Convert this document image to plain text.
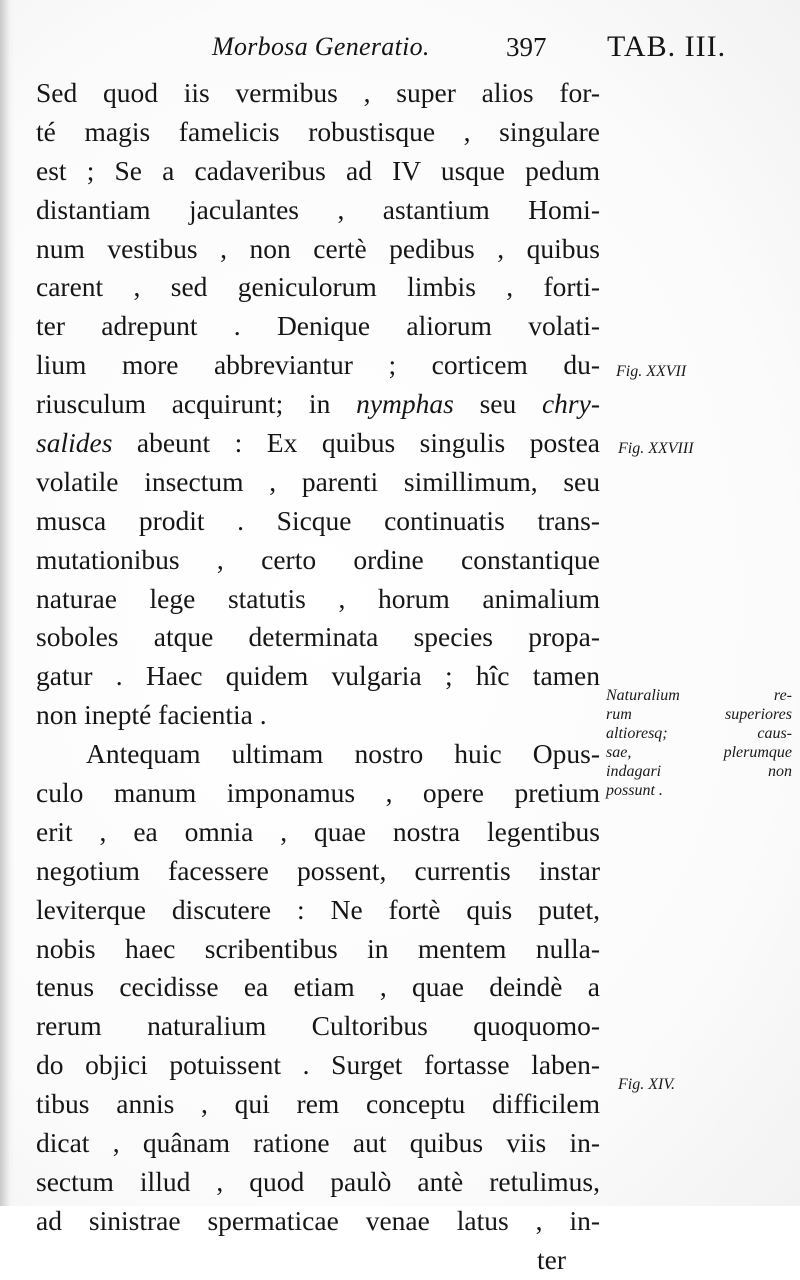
Morbosa Generatio.	397 TAB. III.
Sed quod iis vermibus , super alios for-
té magis famelicis robustisque , singulare
est ; Se a cadaveribus ad IV usque pedum
distantiam jaculantes , astantium Homi-
num vestibus , non certè pedibus , quibus
carent , sed geniculorum limbis , forti-
ter adrepunt . Denique aliorum volati-
lium more abbreviantur ; corticem du-
riusculum acquirunt; in nymphas seu chry-
salides abeunt : Ex quibus singulis postea
volatile insectum , parenti simillimum, seu
musca prodit . Sicque continuatis trans-
mutationibus , certo ordine constantique
naturae lege statutis , horum animalium
soboles atque determinata species propa-
gatur . Haec quidem vulgaria ; hîc tamen
non inepté facientia .
Antequam ultimam nostro huic Opus-
culo manum imponamus , opere pretium
erit , ea omnia , quae nostra legentibus
negotium facessere possent, currentis instar
leviterque discutere : Ne fortè quis putet,
nobis haec scribentibus in mentem nulla-
tenus cecidisse ea etiam , quae deindè a
rerum naturalium Cultoribus quoquomo-
do objici potuissent . Surget fortasse laben-
tibus annis , qui rem conceptu difficilem
dicat , quânam ratione aut quibus viis in-
sectum illud , quod paulò antè retulimus,
ad sinistrae spermaticae venae latus , in-
ter
Fig. XXVII
Fig. XXVIII
Naturalium re-
rum superiores
altioresq; caus-
sae, plerumque
indagari non
possunt .
Fig. XIV.
